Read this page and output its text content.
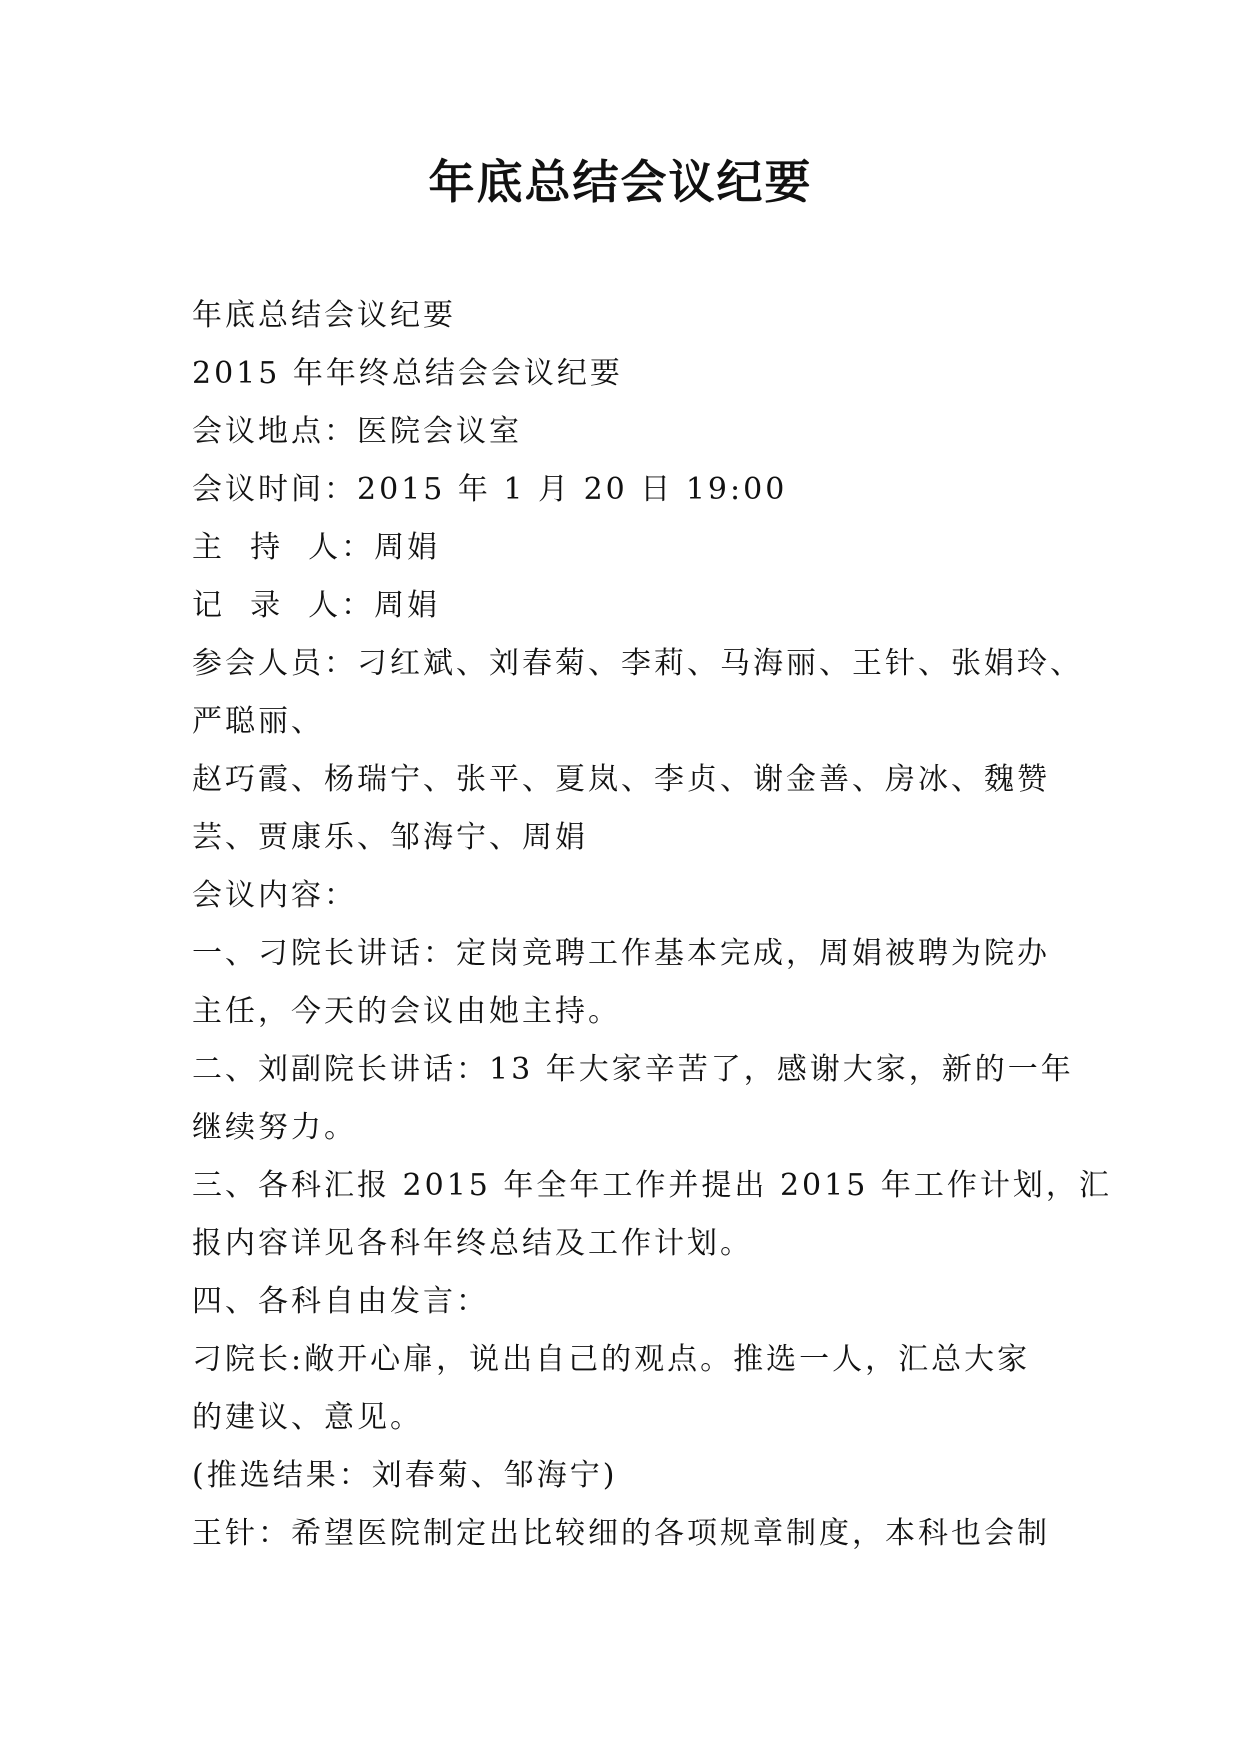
年底总结会议纪要

年底总结会议纪要

2015 年年终总结会会议纪要

会议地点：医院会议室

会议时间：2015 年 1 月 20 日 19:00

主  持  人：周娟

记  录  人：周娟

参会人员：刁红斌、刘春菊、李莉、马海丽、王针、张娟玲、

严聪丽、

赵巧霞、杨瑞宁、张平、夏岚、李贞、谢金善、房冰、魏赞

芸、贾康乐、邹海宁、周娟

会议内容：

一、刁院长讲话：定岗竞聘工作基本完成，周娟被聘为院办

主任，今天的会议由她主持。

二、刘副院长讲话：13 年大家辛苦了，感谢大家，新的一年

继续努力。

三、各科汇报 2015 年全年工作并提出 2015 年工作计划，汇

报内容详见各科年终总结及工作计划。

四、各科自由发言：

刁院长:敞开心扉，说出自己的观点。推选一人，汇总大家

的建议、意见。

(推选结果：刘春菊、邹海宁)

王针：希望医院制定出比较细的各项规章制度，本科也会制
